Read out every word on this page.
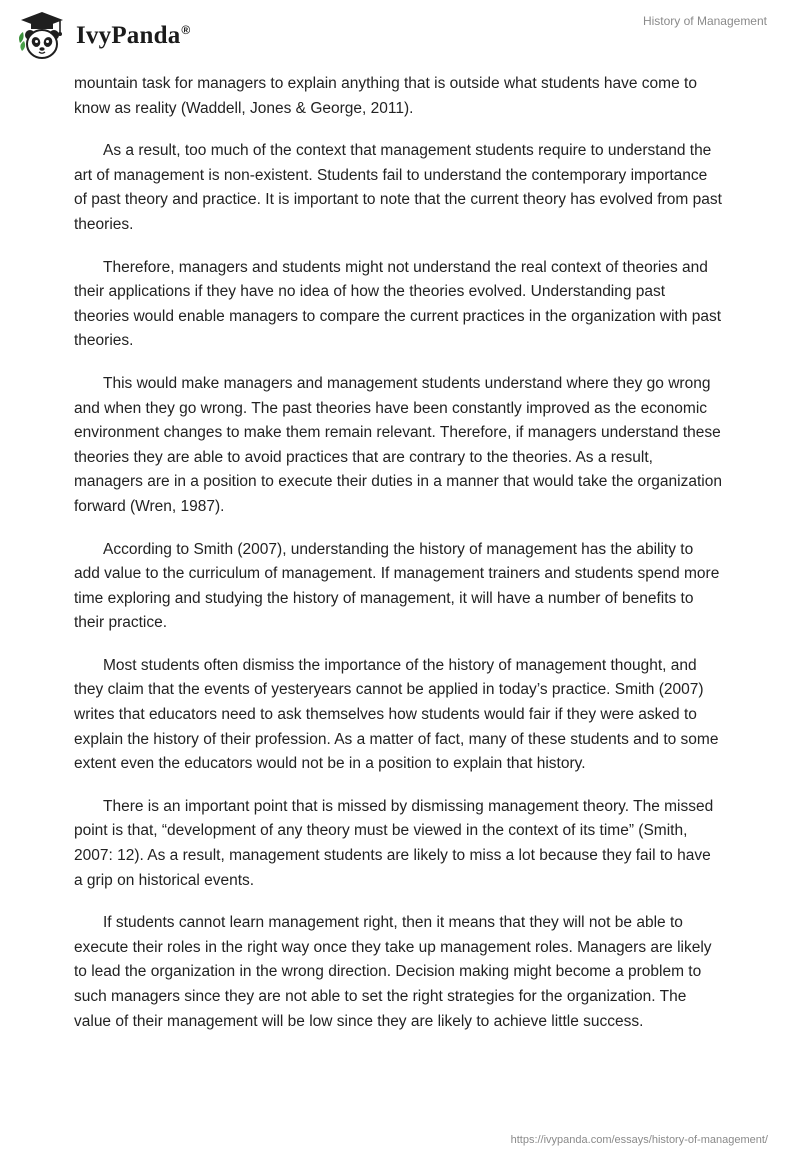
IvyPanda®
History of Management

mountain task for managers to explain anything that is outside what students have come to know as reality (Waddell, Jones & George, 2011).

As a result, too much of the context that management students require to understand the art of management is non-existent. Students fail to understand the contemporary importance of past theory and practice. It is important to note that the current theory has evolved from past theories.

Therefore, managers and students might not understand the real context of theories and their applications if they have no idea of how the theories evolved. Understanding past theories would enable managers to compare the current practices in the organization with past theories.

This would make managers and management students understand where they go wrong and when they go wrong. The past theories have been constantly improved as the economic environment changes to make them remain relevant. Therefore, if managers understand these theories they are able to avoid practices that are contrary to the theories. As a result, managers are in a position to execute their duties in a manner that would take the organization forward (Wren, 1987).

According to Smith (2007), understanding the history of management has the ability to add value to the curriculum of management. If management trainers and students spend more time exploring and studying the history of management, it will have a number of benefits to their practice.

Most students often dismiss the importance of the history of management thought, and they claim that the events of yesteryears cannot be applied in today’s practice. Smith (2007) writes that educators need to ask themselves how students would fair if they were asked to explain the history of their profession. As a matter of fact, many of these students and to some extent even the educators would not be in a position to explain that history.

There is an important point that is missed by dismissing management theory. The missed point is that, “development of any theory must be viewed in the context of its time” (Smith, 2007: 12). As a result, management students are likely to miss a lot because they fail to have a grip on historical events.

If students cannot learn management right, then it means that they will not be able to execute their roles in the right way once they take up management roles. Managers are likely to lead the organization in the wrong direction. Decision making might become a problem to such managers since they are not able to set the right strategies for the organization. The value of their management will be low since they are likely to achieve little success.

https://ivypanda.com/essays/history-of-management/
